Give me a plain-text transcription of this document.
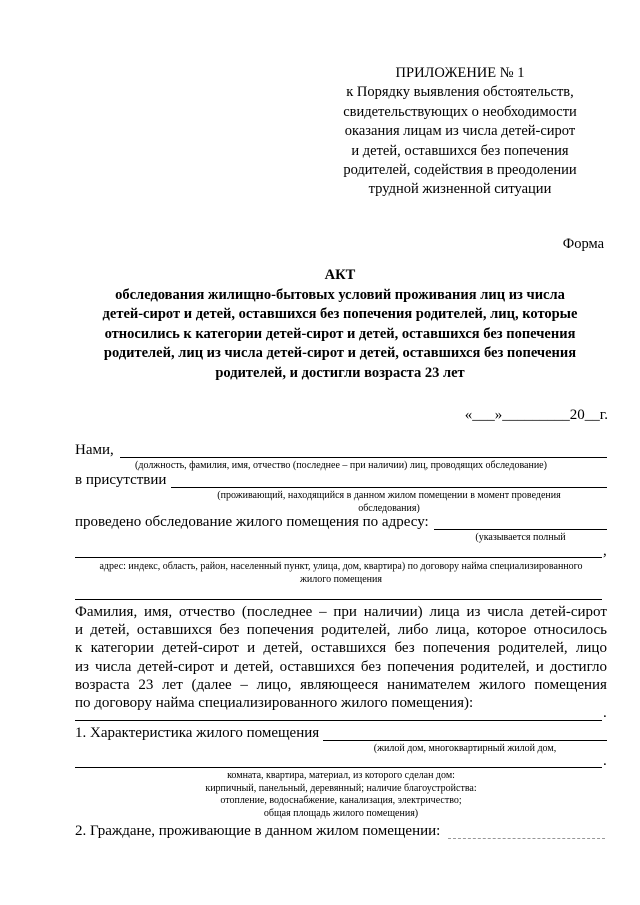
ПРИЛОЖЕНИЕ № 1
к Порядку выявления обстоятельств,
свидетельствующих о необходимости
оказания лицам из числа детей-сирот
и детей, оставшихся без попечения
родителей, содействия в преодолении
трудной жизненной ситуации
Форма
АКТ
обследования жилищно-бытовых условий проживания лиц из числа
детей-сирот и детей, оставшихся без попечения родителей, лиц, которые
относились к категории детей-сирот и детей, оставшихся без попечения
родителей, лиц из числа детей-сирот и детей, оставшихся без попечения
родителей, и достигли возраста 23 лет
«___»_________20__г.
Нами,
(должность, фамилия, имя, отчество (последнее – при наличии) лиц, проводящих обследование)
в присутствии
(проживающий, находящийся в данном жилом помещении в момент проведения
обследования)
проведено обследование жилого помещения по адресу:
(указывается полный
,
адрес: индекс, область, район, населенный пункт, улица, дом, квартира) по договору найма специализированного
жилого помещения
Фамилия, имя, отчество (последнее – при наличии) лица из числа детей-сирот
и детей, оставшихся без попечения родителей, либо лица, которое относилось
к категории детей-сирот и детей, оставшихся без попечения родителей, лицо
из числа детей-сирот и детей, оставшихся без попечения родителей, и достигло
возраста 23 лет (далее – лицо, являющееся нанимателем жилого помещения
по договору найма специализированного жилого помещения):
.
1. Характеристика жилого помещения
(жилой дом, многоквартирный жилой дом,
.
комната, квартира, материал, из которого сделан дом:
кирпичный, панельный, деревянный; наличие благоустройства:
отопление, водоснабжение, канализация, электричество;
общая площадь жилого помещения)
2. Граждане, проживающие в данном жилом помещении:
